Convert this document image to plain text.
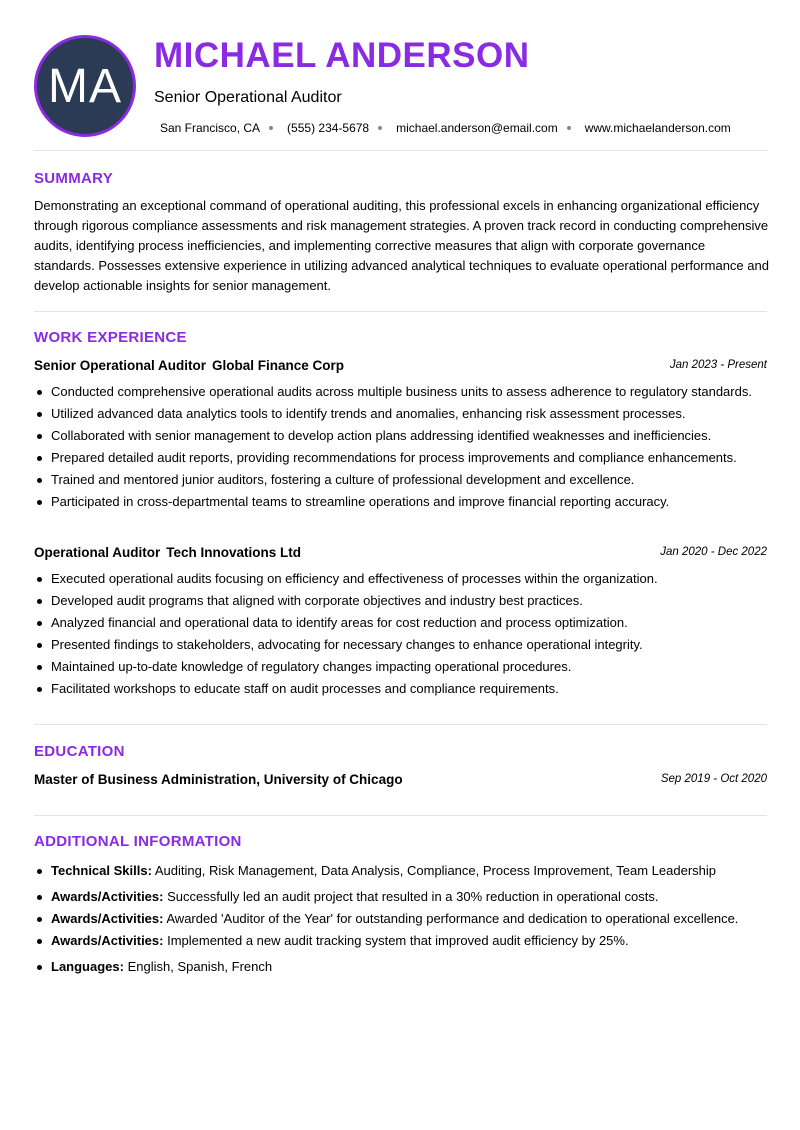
MA
MICHAEL ANDERSON
Senior Operational Auditor
San Francisco, CA (555) 234-5678 michael.anderson@email.com www.michaelanderson.com
SUMMARY
Demonstrating an exceptional command of operational auditing, this professional excels in enhancing organizational efficiency through rigorous compliance assessments and risk management strategies. A proven track record in conducting comprehensive audits, identifying process inefficiencies, and implementing corrective measures that align with corporate governance standards. Possesses extensive experience in utilizing advanced analytical techniques to evaluate operational performance and develop actionable insights for senior management.
WORK EXPERIENCE
Senior Operational Auditor Global Finance Corp	Jan 2023 - Present
Conducted comprehensive operational audits across multiple business units to assess adherence to regulatory standards.
Utilized advanced data analytics tools to identify trends and anomalies, enhancing risk assessment processes.
Collaborated with senior management to develop action plans addressing identified weaknesses and inefficiencies.
Prepared detailed audit reports, providing recommendations for process improvements and compliance enhancements.
Trained and mentored junior auditors, fostering a culture of professional development and excellence.
Participated in cross-departmental teams to streamline operations and improve financial reporting accuracy.
Operational Auditor Tech Innovations Ltd	Jan 2020 - Dec 2022
Executed operational audits focusing on efficiency and effectiveness of processes within the organization.
Developed audit programs that aligned with corporate objectives and industry best practices.
Analyzed financial and operational data to identify areas for cost reduction and process optimization.
Presented findings to stakeholders, advocating for necessary changes to enhance operational integrity.
Maintained up-to-date knowledge of regulatory changes impacting operational procedures.
Facilitated workshops to educate staff on audit processes and compliance requirements.
EDUCATION
Master of Business Administration, University of Chicago	Sep 2019 - Oct 2020
ADDITIONAL INFORMATION
Technical Skills: Auditing, Risk Management, Data Analysis, Compliance, Process Improvement, Team Leadership
Awards/Activities: Successfully led an audit project that resulted in a 30% reduction in operational costs.
Awards/Activities: Awarded 'Auditor of the Year' for outstanding performance and dedication to operational excellence.
Awards/Activities: Implemented a new audit tracking system that improved audit efficiency by 25%.
Languages: English, Spanish, French
